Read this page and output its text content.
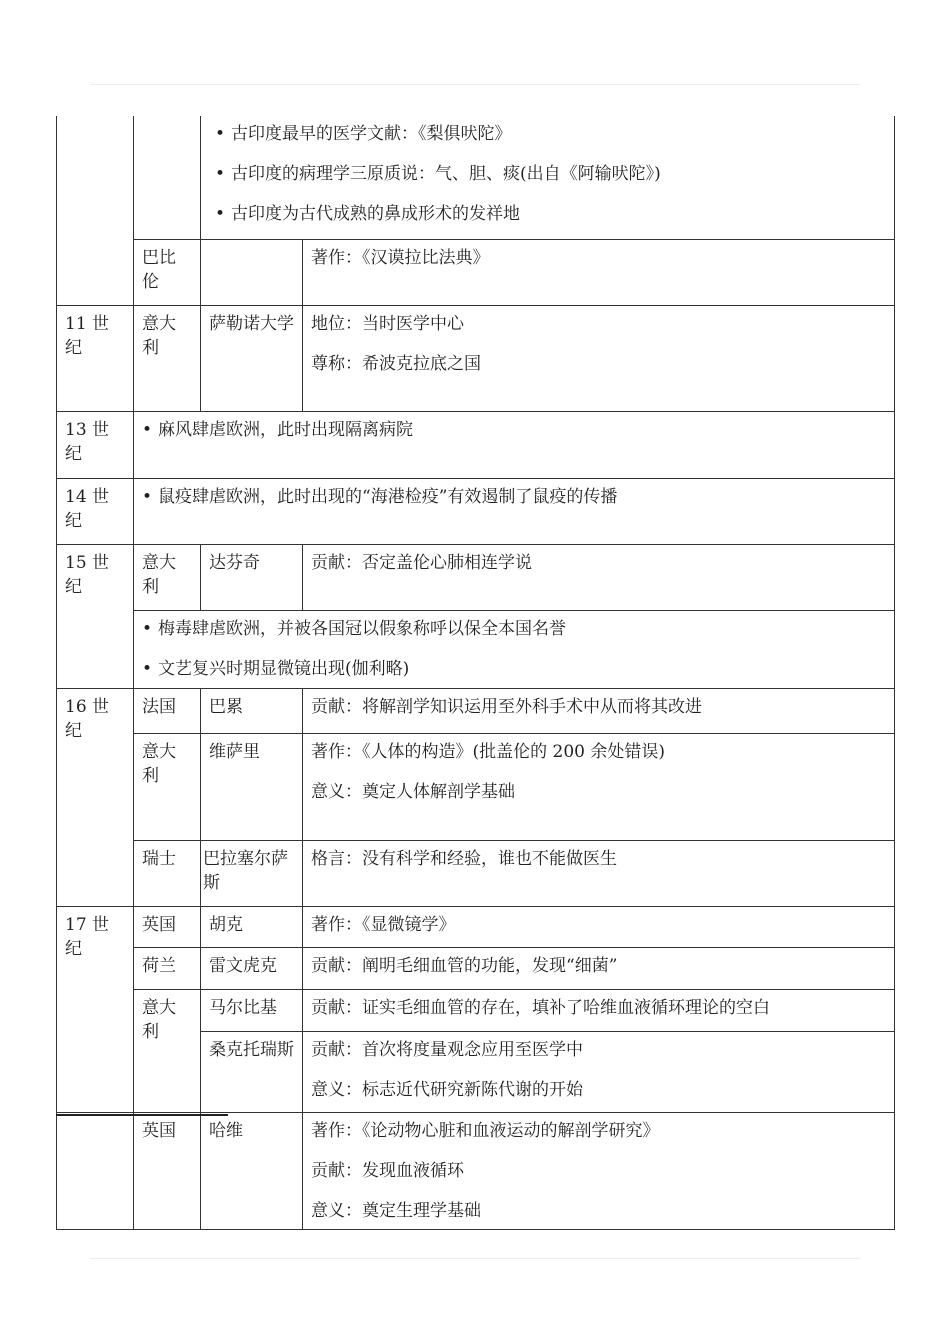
		• 古印度最早的医学文献：《梨俱吠陀》

• 古印度的病理学三原质说：气、胆、痰(出自《阿输吠陀》)

• 古印度为古代成熟的鼻成形术的发祥地

	巴比伦		著作：《汉谟拉比法典》

11 世纪	意大利	萨勒诺大学	地位：当时医学中心

尊称：希波克拉底之国

13 世纪	• 麻风肆虐欧洲，此时出现隔离病院

14 世纪	• 鼠疫肆虐欧洲，此时出现的“海港检疫”有效遏制了鼠疫的传播

15 世纪	意大利	达芬奇	贡献：否定盖伦心肺相连学说

	• 梅毒肆虐欧洲，并被各国冠以假象称呼以保全本国名誉

• 文艺复兴时期显微镜出现(伽利略)

16 世纪	法国	巴累	贡献：将解剖学知识运用至外科手术中从而将其改进

	意大利	维萨里	著作：《人体的构造》(批盖伦的 200 余处错误)

意义：奠定人体解剖学基础

	瑞士	巴拉塞尔萨斯	格言：没有科学和经验，谁也不能做医生

17 世纪	英国	胡克	著作：《显微镜学》

	荷兰	雷文虎克	贡献：阐明毛细血管的功能，发现“细菌”

	意大利	马尔比基	贡献：证实毛细血管的存在，填补了哈维血液循环理论的空白

		桑克托瑞斯	贡献：首次将度量观念应用至医学中

意义：标志近代研究新陈代谢的开始

	英国	哈维	著作：《论动物心脏和血液运动的解剖学研究》

贡献：发现血液循环

意义：奠定生理学基础
